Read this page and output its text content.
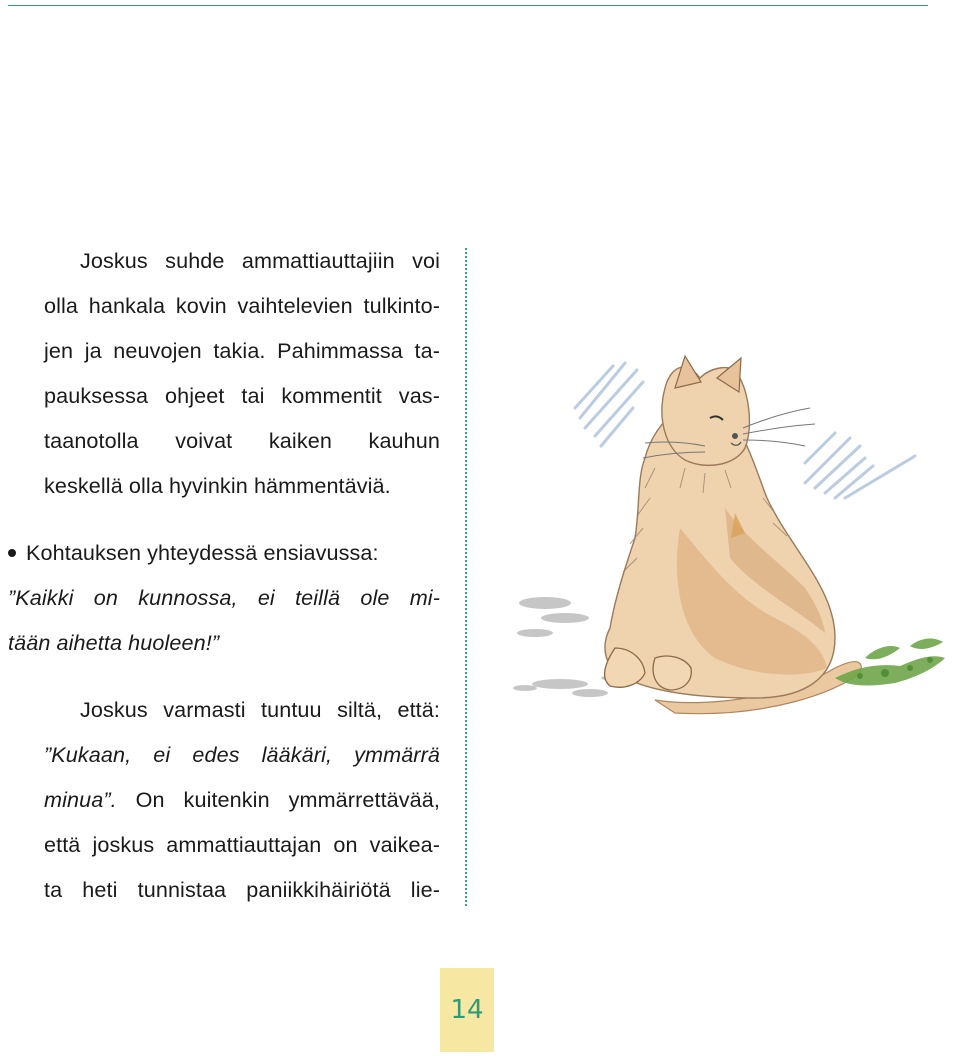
Joskus suhde ammattiauttajiin voi
olla hankala kovin vaihtelevien tulkinto-
jen ja neuvojen takia. Pahimmassa ta-
pauksessa ohjeet tai kommentit vas-
taanotolla voivat kaiken kauhun
keskellä olla hyvinkin hämmentäviä.
Kohtauksen yhteydessä ensiavussa:
”Kaikki on kunnossa, ei teillä ole mi-
tään aihetta huoleen!”
Joskus varmasti tuntuu siltä, että:
”Kukaan, ei edes lääkäri, ymmärrä
minua”. On kuitenkin ymmärrettävää,
että joskus ammattiauttajan on vaikea-
ta heti tunnistaa paniikkihäiriötä lie-
14
